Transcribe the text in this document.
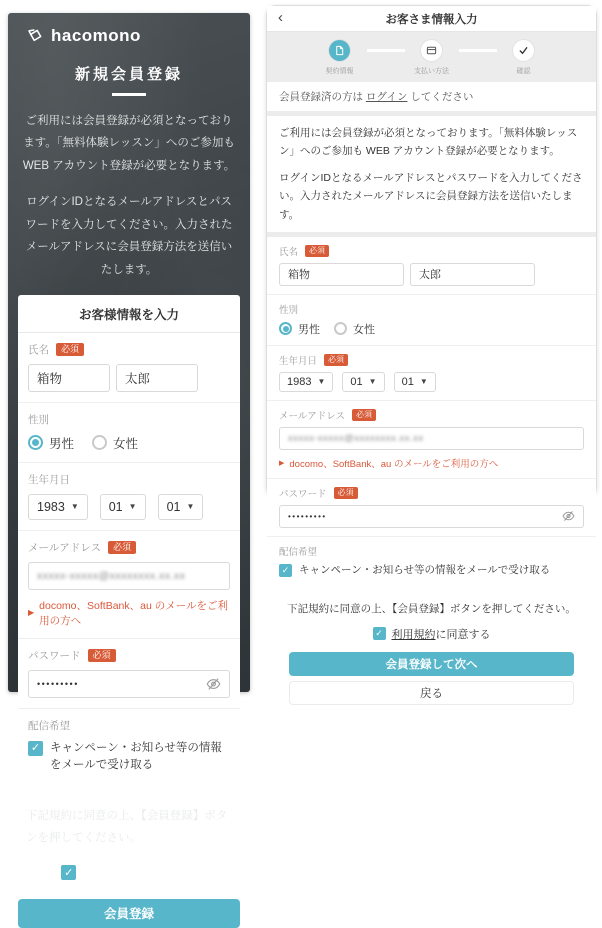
hacomono
新規会員登録
ご利用には会員登録が必須となっております。「無料体験レッスン」へのご参加も WEB アカウント登録が必要となります。
ログインIDとなるメールアドレスとパスワードを入力してください。入力されたメールアドレスに会員登録方法を送信いたします。
お客様情報を入力
氏名	必須
箱物
太郎
性別
男性	女性
生年月日
1983 ▼ 01 ▼ 01 ▼
メールアドレス	必須
xxxxx-xxxxx@xxxxxxxx.xx.xx
▶
docomo、SoftBank、au のメールをご利用の方へ
パスワード	必須
•••••••••
配信希望
✓ キャンペーン・お知らせ等の情報をメールで受け取る
下記規約に同意の上、【会員登録】ボタンを押してください。
✓ 利用規約に同意する
会員登録
‹	お客さま情報入力
契約情報	支払い方法	確認
会員登録済の方は ログイン してください

ご利用には会員登録が必須となっております。「無料体験レッスン」へのご参加も WEB アカウント登録が必要となります。

ログインIDとなるメールアドレスとパスワードを入力してください。入力されたメールアドレスに会員登録方法を送信いたします。

氏名	必須
箱物
太郎
性別
男性	女性
生年月日	必須
1983 ▼ 01 ▼ 01 ▼
メールアドレス	必須
xxxxx-xxxxx@xxxxxxxx.xx.xx
▶ docomo、SoftBank、au のメールをご利用の方へ
パスワード	必須
•••••••••
配信希望
✓ キャンペーン・お知らせ等の情報をメールで受け取る
下記規約に同意の上、【会員登録】ボタンを押してください。
✓ 利用規約に同意する
会員登録して次へ
戻る
